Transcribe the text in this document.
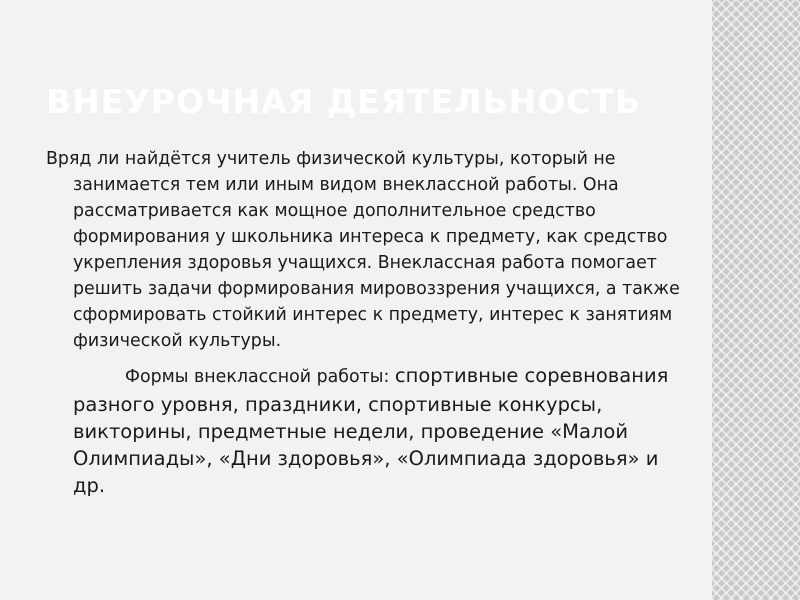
ВНЕУРОЧНАЯ ДЕЯТЕЛЬНОСТЬ

Вряд ли найдётся учитель физической культуры, который не занимается тем или иным видом внеклассной работы. Она рассматривается как мощное дополнительное средство формирования у школьника интереса к предмету, как средство укрепления здоровья учащихся. Внеклассная работа помогает решить задачи формирования мировоззрения учащихся, а также сформировать стойкий интерес к предмету, интерес к занятиям физической культуры.

Формы внеклассной работы: спортивные соревнования разного уровня, праздники, спортивные конкурсы, викторины, предметные недели, проведение «Малой Олимпиады», «Дни здоровья», «Олимпиада здоровья» и др.
